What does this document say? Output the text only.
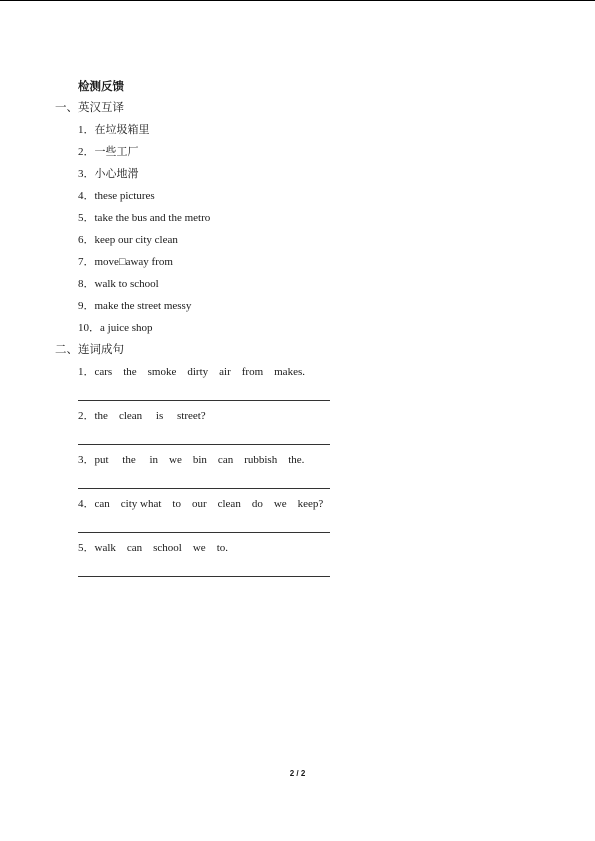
检测反馈
一、英汉互译
1．在垃圾箱里
2．一些工厂
3．小心地滑
4．these pictures
5．take the bus and the metro
6．keep our city clean
7．move□away from
8．walk to school
9．make the street messy
10．a juice shop
二、连词成句
1．cars    the    smoke    dirty    air    from    makes.
2．the    clean     is     street?
3．put     the     in    we    bin    can    rubbish    the.
4．can    city what    to    our    clean    do    we    keep?
5．walk    can    school    we    to.
2 / 2
